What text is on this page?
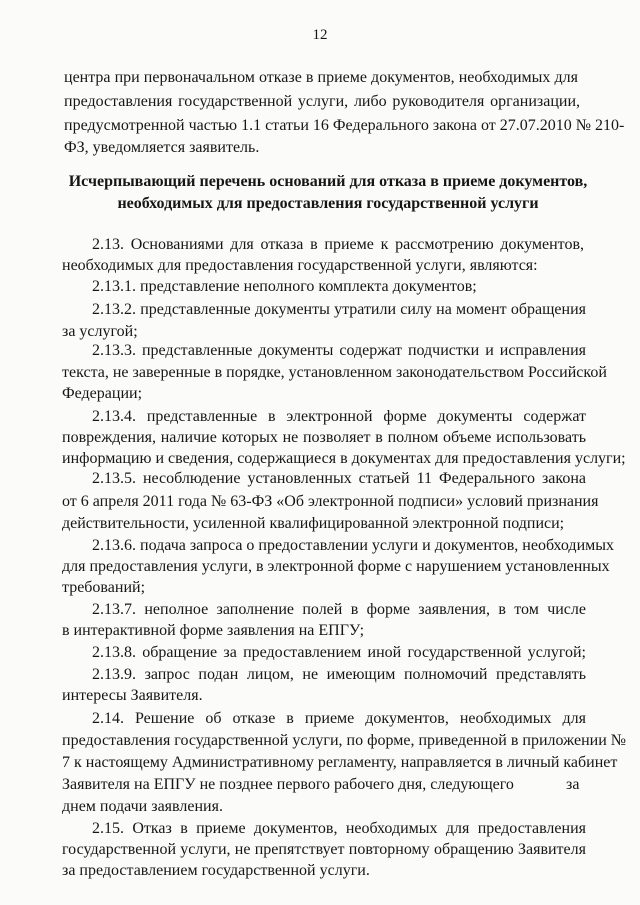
12
центра при первоначальном отказе в приеме документов, необходимых для
предоставления государственной услуги, либо руководителя организации,
предусмотренной частью 1.1 статьи 16 Федерального закона от 27.07.2010 № 210-
ФЗ, уведомляется заявитель.
Исчерпывающий перечень оснований для отказа в приеме документов,
необходимых для предоставления государственной услуги
2.13. Основаниями для отказа в приеме к рассмотрению документов,
необходимых для предоставления государственной услуги, являются:
2.13.1. представление неполного комплекта документов;
2.13.2. представленные документы утратили силу на момент обращения
за услугой;
2.13.3. представленные документы содержат подчистки и исправления
текста, не заверенные в порядке, установленном законодательством Российской
Федерации;
2.13.4. представленные в электронной форме документы содержат
повреждения, наличие которых не позволяет в полном объеме использовать
информацию и сведения, содержащиеся в документах для предоставления услуги;
2.13.5. несоблюдение установленных статьей 11 Федерального закона
от 6 апреля 2011 года № 63-ФЗ «Об электронной подписи» условий признания
действительности, усиленной квалифицированной электронной подписи;
2.13.6. подача запроса о предоставлении услуги и документов, необходимых
для предоставления услуги, в электронной форме с нарушением установленных
требований;
2.13.7. неполное заполнение полей в форме заявления, в том числе
в интерактивной форме заявления на ЕПГУ;
2.13.8. обращение за предоставлением иной государственной услугой;
2.13.9. запрос подан лицом, не имеющим полномочий представлять
интересы Заявителя.
2.14. Решение об отказе в приеме документов, необходимых для
предоставления государственной услуги, по форме, приведенной в приложении №
7 к настоящему Административному регламенту, направляется в личный кабинет
Заявителя на ЕПГУ не позднее первого рабочего дня, следующего	за
днем подачи заявления.
2.15. Отказ в приеме документов, необходимых для предоставления
государственной услуги, не препятствует повторному обращению Заявителя
за предоставлением государственной услуги.
